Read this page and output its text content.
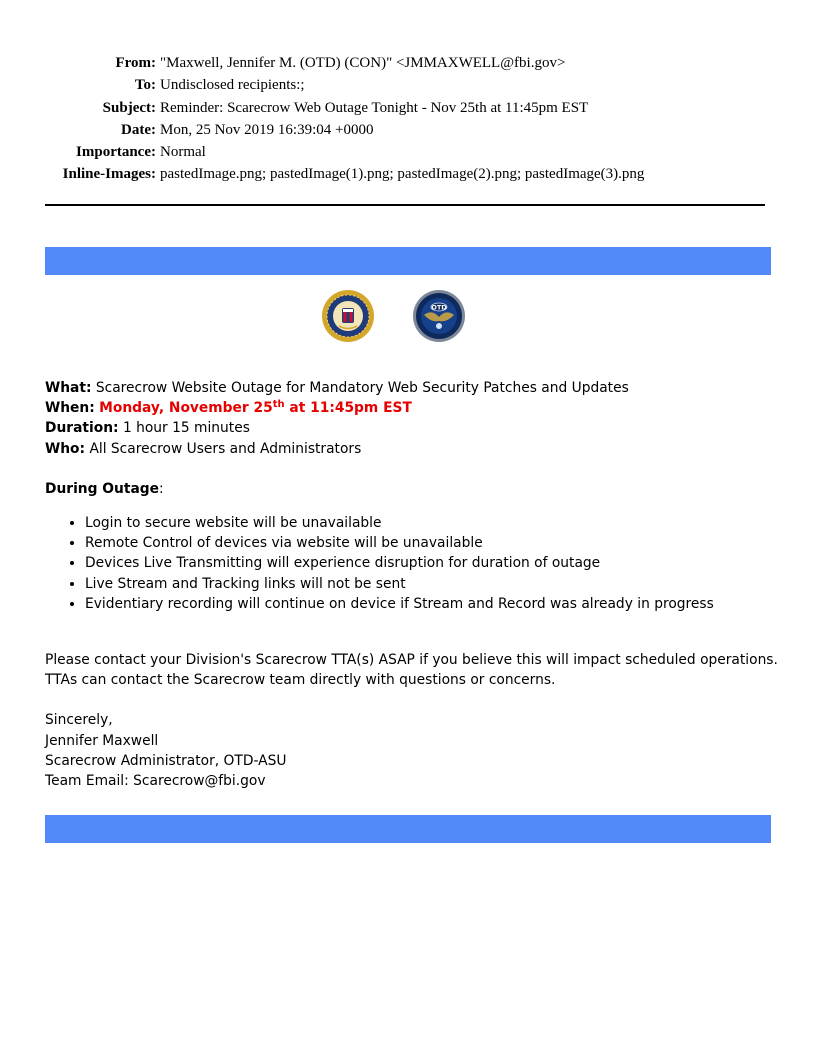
From: "Maxwell, Jennifer M. (OTD) (CON)" <JMMAXWELL@fbi.gov>
To: Undisclosed recipients:;
Subject: Reminder: Scarecrow Web Outage Tonight - Nov 25th at 11:45pm EST
Date: Mon, 25 Nov 2019 16:39:04 +0000
Importance: Normal
Inline-Images: pastedImage.png; pastedImage(1).png; pastedImage(2).png; pastedImage(3).png
OTD

What: Scarecrow Website Outage for Mandatory Web Security Patches and Updates

When: Monday, November 25th at 11:45pm EST

Duration: 1 hour 15 minutes

Who: All Scarecrow Users and Administrators

During Outage:

• Login to secure website will be unavailable
• Remote Control of devices via website will be unavailable
• Devices Live Transmitting will experience disruption for duration of outage
• Live Stream and Tracking links will not be sent
• Evidentiary recording will continue on device if Stream and Record was already in progress

Please contact your Division's Scarecrow TTA(s) ASAP if you believe this will impact scheduled operations.

TTAs can contact the Scarecrow team directly with questions or concerns.

Sincerely,

Jennifer Maxwell

Scarecrow Administrator, OTD-ASU

Team Email: Scarecrow@fbi.gov
